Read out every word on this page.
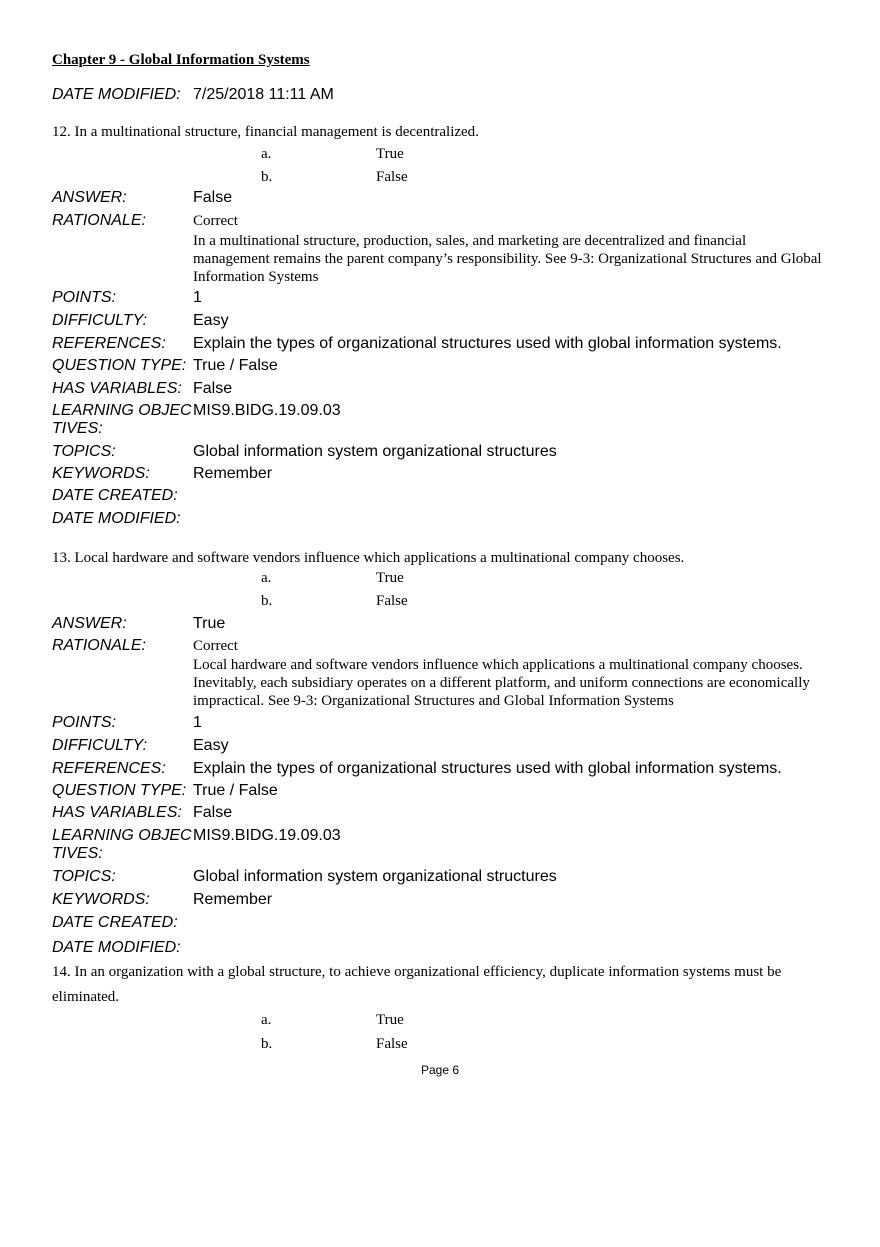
Chapter 9 - Global Information Systems
DATE MODIFIED: 7/25/2018 11:11 AM
12. In a multinational structure, financial management is decentralized.
a.	True
b.	False
ANSWER:	False
RATIONALE:	Correct
In a multinational structure, production, sales, and marketing are decentralized and financial management remains the parent company’s responsibility. See 9-3: Organizational Structures and Global Information Systems
POINTS:	1
DIFFICULTY:	Easy
REFERENCES: Explain the types of organizational structures used with global information systems.
QUESTION TYPE: True / False
HAS VARIABLES: False
LEARNING OBJEC
TIVES:
MIS9.BIDG.19.09.03
TOPICS:	Global information system organizational structures
KEYWORDS:	Remember
DATE CREATED:
DATE MODIFIED:
13. Local hardware and software vendors influence which applications a multinational company chooses.
a.	True
b.	False
ANSWER:	True
RATIONALE:	Correct
Local hardware and software vendors influence which applications a multinational company chooses. Inevitably, each subsidiary operates on a different platform, and uniform connections are economically impractical. See 9-3: Organizational Structures and Global Information Systems
POINTS:	1
DIFFICULTY:	Easy
REFERENCES: Explain the types of organizational structures used with global information systems.
QUESTION TYPE: True / False
HAS VARIABLES: False
LEARNING OBJEC
TIVES:
MIS9.BIDG.19.09.03
TOPICS:	Global information system organizational structures
KEYWORDS:	Remember
DATE CREATED:
DATE MODIFIED:
14. In an organization with a global structure, to achieve organizational efficiency, duplicate information systems must be eliminated.
a.	True
b.	False
Page 6
